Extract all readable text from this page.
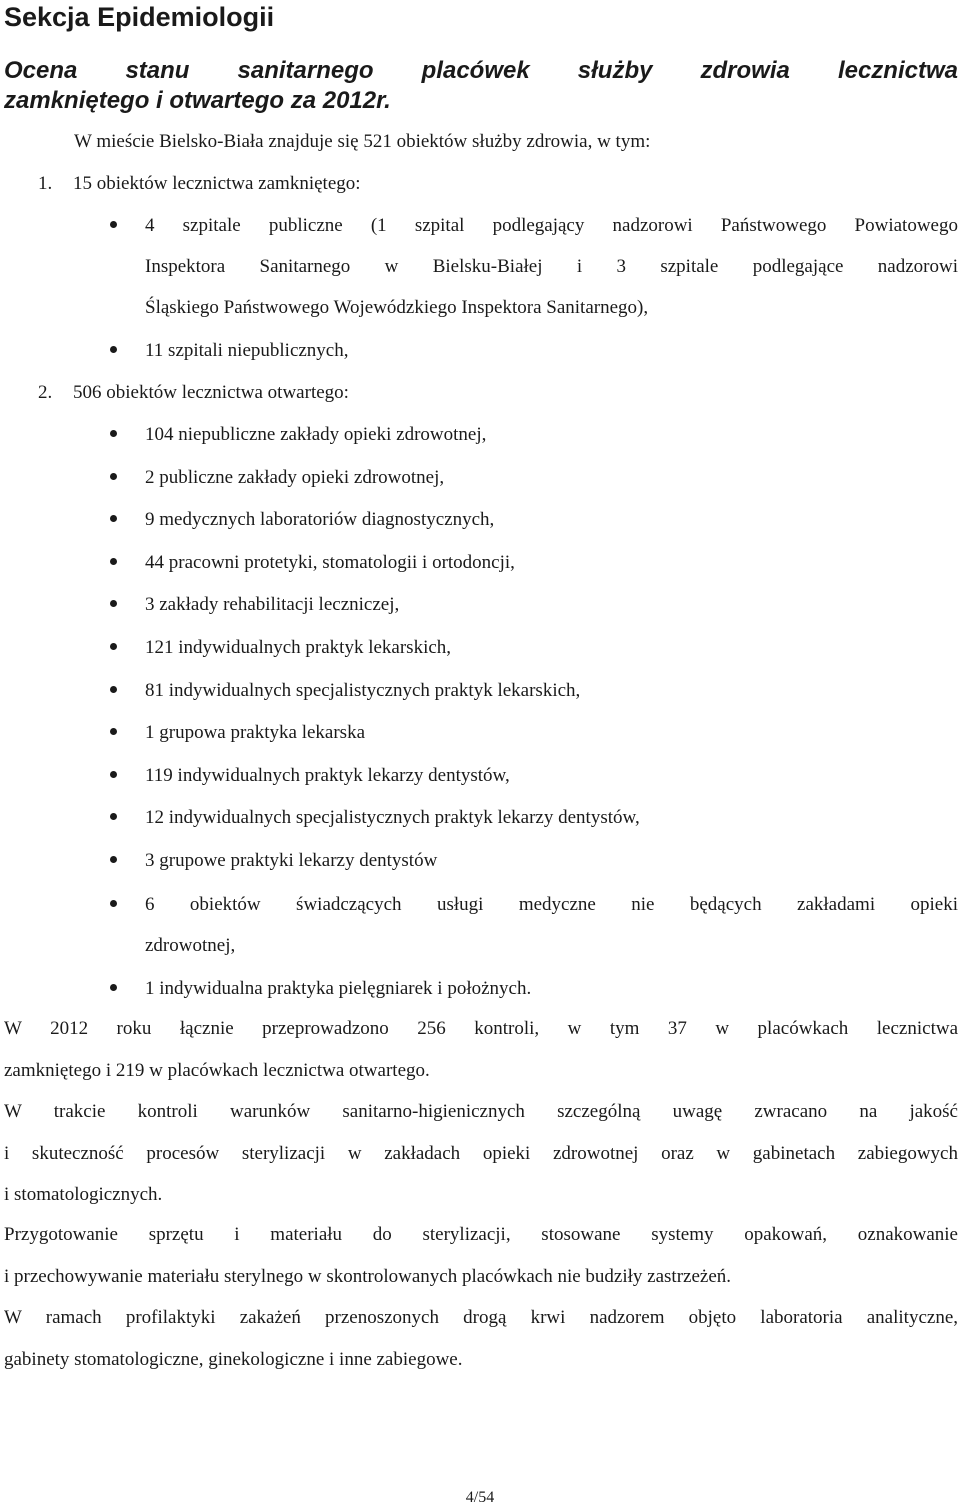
Sekcja Epidemiologii
Ocena stanu sanitarnego placówek służby zdrowia lecznictwa
zamkniętego i otwartego za 2012r.
W mieście Bielsko-Biała znajduje się 521 obiektów służby zdrowia, w tym:
1. 15 obiektów lecznictwa zamkniętego:
4 szpitale publiczne (1 szpital podlegający nadzorowi Państwowego Powiatowego
Inspektora Sanitarnego w Bielsku-Białej i 3 szpitale podlegające nadzorowi
Śląskiego Państwowego Wojewódzkiego Inspektora Sanitarnego),
11 szpitali niepublicznych,
2. 506 obiektów lecznictwa otwartego:
104 niepubliczne zakłady opieki zdrowotnej,
2 publiczne zakłady opieki zdrowotnej,
9 medycznych laboratoriów diagnostycznych,
44 pracowni protetyki, stomatologii i ortodoncji,
3 zakłady rehabilitacji leczniczej,
121 indywidualnych praktyk lekarskich,
81 indywidualnych specjalistycznych praktyk lekarskich,
1 grupowa praktyka lekarska
119 indywidualnych praktyk lekarzy dentystów,
12 indywidualnych specjalistycznych praktyk lekarzy dentystów,
3 grupowe praktyki lekarzy dentystów
6 obiektów świadczących usługi medyczne nie będących zakładami opieki
zdrowotnej,
1 indywidualna praktyka pielęgniarek i położnych.

W 2012 roku łącznie przeprowadzono 256 kontroli, w tym 37 w placówkach lecznictwa
zamkniętego i 219 w placówkach lecznictwa otwartego.

W trakcie kontroli warunków sanitarno-higienicznych szczególną uwagę zwracano na jakość
i skuteczność procesów sterylizacji w zakładach opieki zdrowotnej oraz w gabinetach zabiegowych
i stomatologicznych.

Przygotowanie sprzętu i materiału do sterylizacji, stosowane systemy opakowań, oznakowanie
i przechowywanie materiału sterylnego w skontrolowanych placówkach nie budziły zastrzeżeń.

W ramach profilaktyki zakażeń przenoszonych drogą krwi nadzorem objęto laboratoria analityczne,
gabinety stomatologiczne, ginekologiczne i inne zabiegowe.

4/54
